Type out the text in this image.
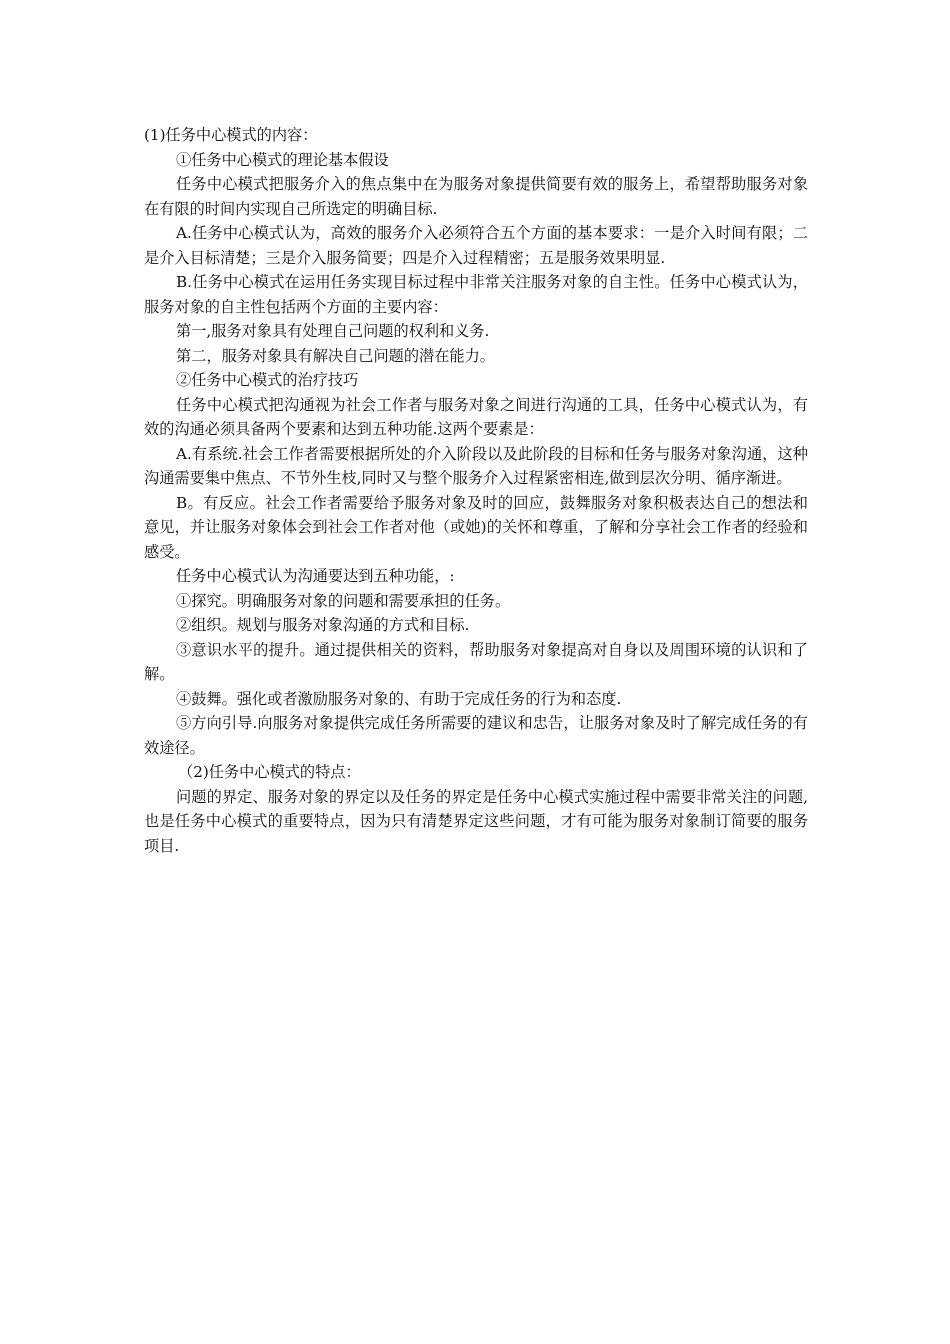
(1)任务中心模式的内容：

①任务中心模式的理论基本假设

任务中心模式把服务介入的焦点集中在为服务对象提供简要有效的服务上，希望帮助服务对象在有限的时间内实现自己所选定的明确目标.

A.任务中心模式认为，高效的服务介入必须符合五个方面的基本要求：一是介入时间有限；二是介入目标清楚；三是介入服务简要；四是介入过程精密；五是服务效果明显.

B.任务中心模式在运用任务实现目标过程中非常关注服务对象的自主性。任务中心模式认为，服务对象的自主性包括两个方面的主要内容：

第一,服务对象具有处理自己问题的权利和义务.

第二，服务对象具有解决自己问题的潜在能力。

②任务中心模式的治疗技巧

任务中心模式把沟通视为社会工作者与服务对象之间进行沟通的工具，任务中心模式认为，有效的沟通必须具备两个要素和达到五种功能.这两个要素是：

A.有系统.社会工作者需要根据所处的介入阶段以及此阶段的目标和任务与服务对象沟通，这种沟通需要集中焦点、不节外生枝,同时又与整个服务介入过程紧密相连,做到层次分明、循序渐进。

B。有反应。社会工作者需要给予服务对象及时的回应，鼓舞服务对象积极表达自己的想法和意见，并让服务对象体会到社会工作者对他（或她)的关怀和尊重，了解和分享社会工作者的经验和感受。

任务中心模式认为沟通要达到五种功能，:

①探究。明确服务对象的问题和需要承担的任务。

②组织。规划与服务对象沟通的方式和目标.

③意识水平的提升。通过提供相关的资料，帮助服务对象提高对自身以及周围环境的认识和了解。

④鼓舞。强化或者激励服务对象的、有助于完成任务的行为和态度.

⑤方向引导.向服务对象提供完成任务所需要的建议和忠告，让服务对象及时了解完成任务的有效途径。

（2)任务中心模式的特点：

问题的界定、服务对象的界定以及任务的界定是任务中心模式实施过程中需要非常关注的问题,也是任务中心模式的重要特点，因为只有清楚界定这些问题，才有可能为服务对象制订简要的服务项目.
